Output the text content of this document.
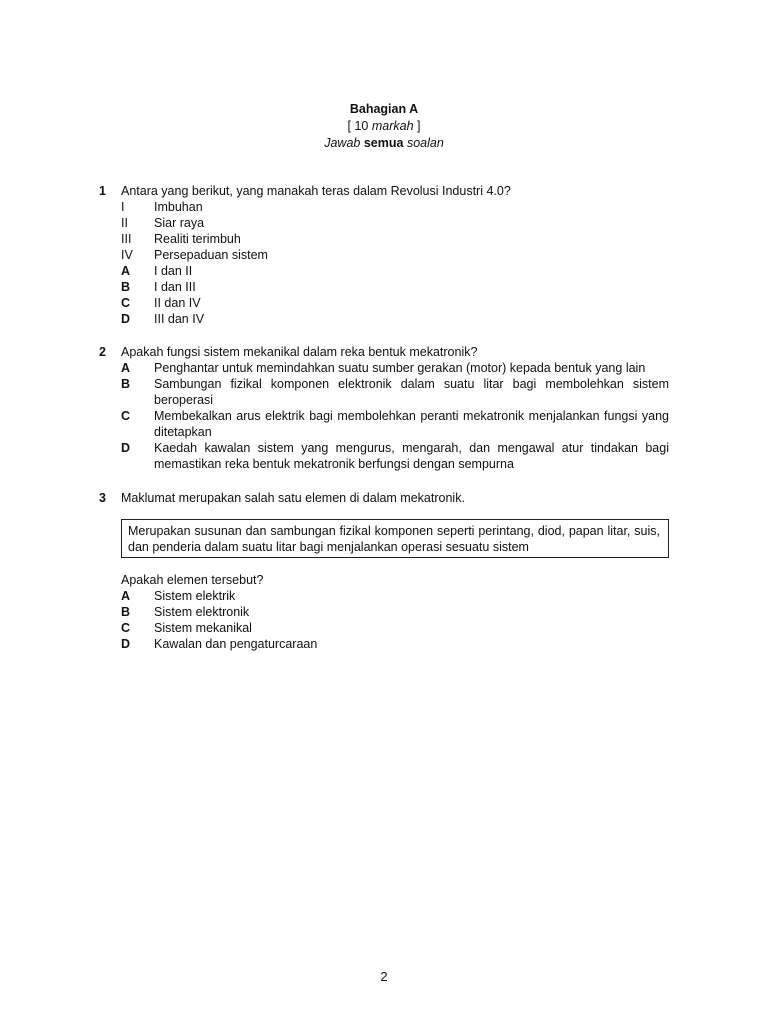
Bahagian A
[ 10 markah ]
Jawab semua soalan
1 Antara yang berikut, yang manakah teras dalam Revolusi Industri 4.0?
I Imbuhan
II Siar raya
III Realiti terimbuh
IV Persepaduan sistem
A I dan II
B I dan III
C II dan IV
D III dan IV
2 Apakah fungsi sistem mekanikal dalam reka bentuk mekatronik?
A Penghantar untuk memindahkan suatu sumber gerakan (motor) kepada bentuk yang lain
B Sambungan fizikal komponen elektronik dalam suatu litar bagi membolehkan sistem beroperasi
C Membekalkan arus elektrik bagi membolehkan peranti mekatronik menjalankan fungsi yang ditetapkan
D Kaedah kawalan sistem yang mengurus, mengarah, dan mengawal atur tindakan bagi memastikan reka bentuk mekatronik berfungsi dengan sempurna
3 Maklumat merupakan salah satu elemen di dalam mekatronik.
Merupakan susunan dan sambungan fizikal komponen seperti perintang, diod, papan litar, suis, dan penderia dalam suatu litar bagi menjalankan operasi sesuatu sistem
Apakah elemen tersebut?
A Sistem elektrik
B Sistem elektronik
C Sistem mekanikal
D Kawalan dan pengaturcaraan
2
